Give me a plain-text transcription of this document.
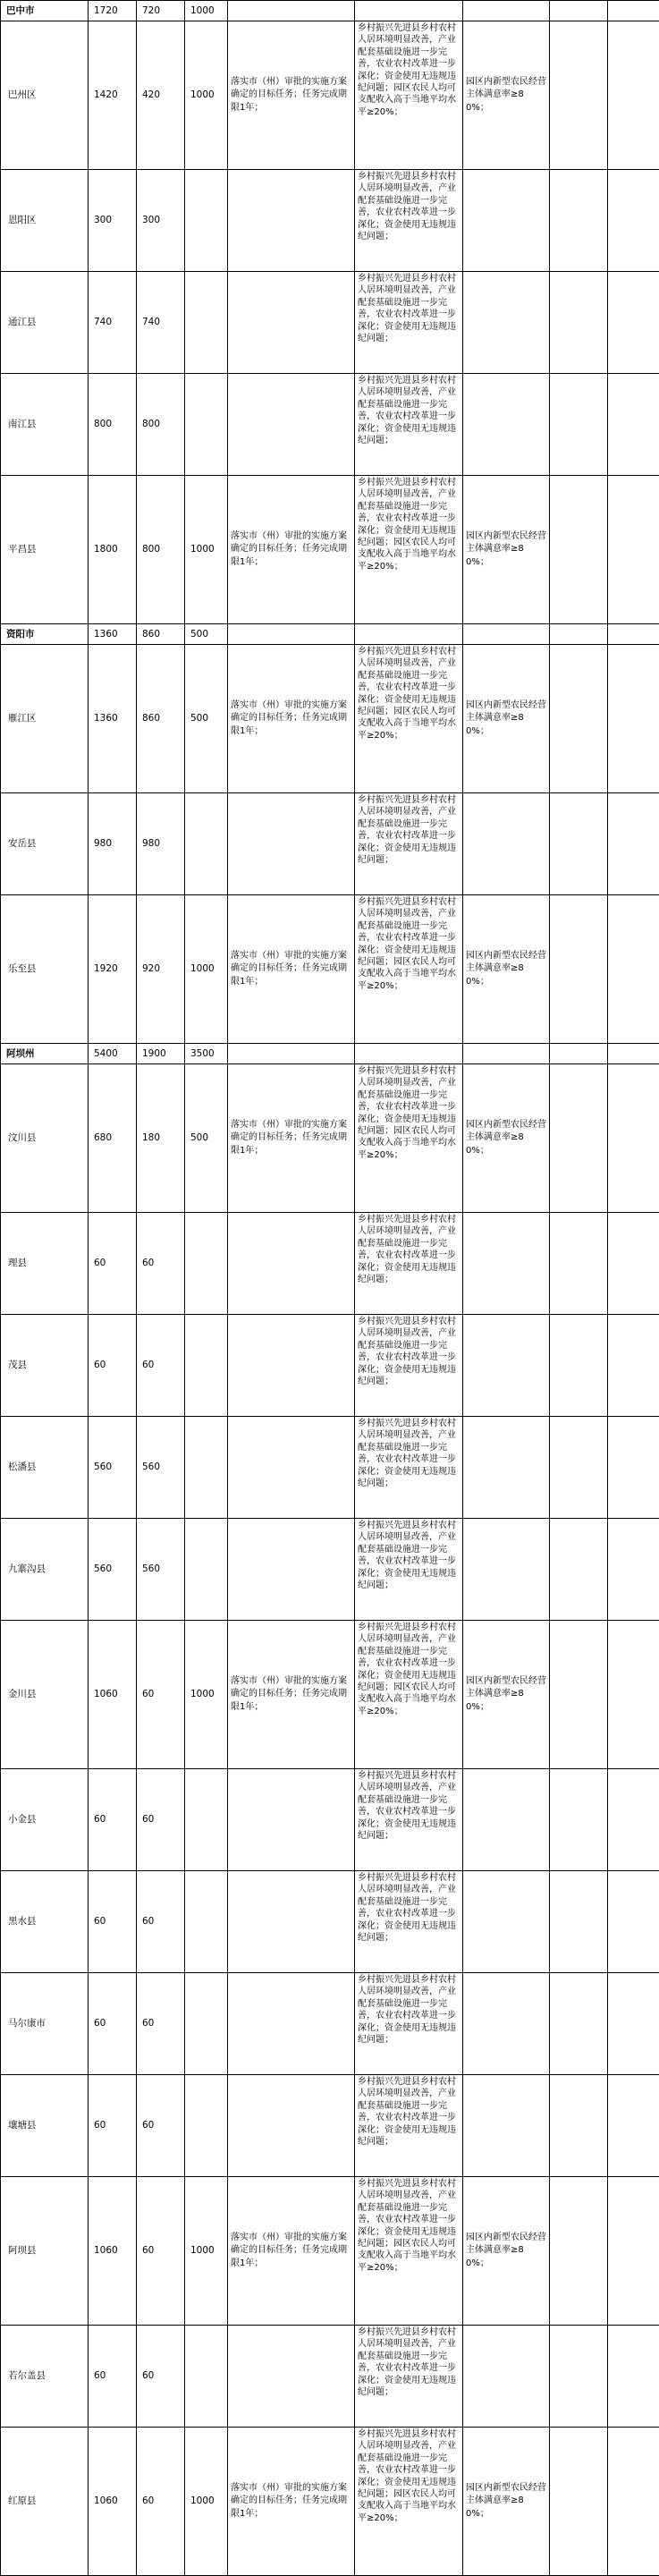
巴中市	1720	720	1000					
巴州区	1420	420	1000	落实市（州）审批的实施方案确定的目标任务；任务完成期限1年；	乡村振兴先进县乡村农村人居环境明显改善，产业配套基础设施进一步完善，农业农村改革进一步深化；资金使用无违规违纪问题；园区农民人均可支配收入高于当地平均水平≥20%；	园区内新型农民经营主体满意率≥80%；		
恩阳区	300	300			乡村振兴先进县乡村农村人居环境明显改善，产业配套基础设施进一步完善，农业农村改革进一步深化；资金使用无违规违纪问题；			

通江县	740	740			乡村振兴先进县乡村农村人居环境明显改善，产业配套基础设施进一步完善，农业农村改革进一步深化；资金使用无违规违纪问题；			

南江县	800	800			乡村振兴先进县乡村农村人居环境明显改善，产业配套基础设施进一步完善，农业农村改革进一步深化；资金使用无违规违纪问题；			

平昌县	1800	800	1000	落实市（州）审批的实施方案确定的目标任务；任务完成期限1年；	乡村振兴先进县乡村农村人居环境明显改善，产业配套基础设施进一步完善，农业农村改革进一步深化；资金使用无违规违纪问题；园区农民人均可支配收入高于当地平均水平≥20%；	园区内新型农民经营主体满意率≥80%；		
资阳市	1360	860	500					
雁江区	1360	860	500	落实市（州）审批的实施方案确定的目标任务；任务完成期限1年；	乡村振兴先进县乡村农村人居环境明显改善，产业配套基础设施进一步完善，农业农村改革进一步深化；资金使用无违规违纪问题；园区农民人均可支配收入高于当地平均水平≥20%；	园区内新型农民经营主体满意率≥80%；		
安岳县	980	980			乡村振兴先进县乡村农村人居环境明显改善，产业配套基础设施进一步完善，农业农村改革进一步深化；资金使用无违规违纪问题；			

乐至县	1920	920	1000	落实市（州）审批的实施方案确定的目标任务；任务完成期限1年；	乡村振兴先进县乡村农村人居环境明显改善，产业配套基础设施进一步完善，农业农村改革进一步深化；资金使用无违规违纪问题；园区农民人均可支配收入高于当地平均水平≥20%；	园区内新型农民经营主体满意率≥80%；		
阿坝州	5400	1900	3500					
汶川县	680	180	500	落实市（州）审批的实施方案确定的目标任务；任务完成期限1年；	乡村振兴先进县乡村农村人居环境明显改善，产业配套基础设施进一步完善，农业农村改革进一步深化；资金使用无违规违纪问题；园区农民人均可支配收入高于当地平均水平≥20%；	园区内新型农民经营主体满意率≥80%；		
理县	60	60			乡村振兴先进县乡村农村人居环境明显改善，产业配套基础设施进一步完善，农业农村改革进一步深化；资金使用无违规违纪问题；			

茂县	60	60			乡村振兴先进县乡村农村人居环境明显改善，产业配套基础设施进一步完善，农业农村改革进一步深化；资金使用无违规违纪问题；			

松潘县	560	560			乡村振兴先进县乡村农村人居环境明显改善，产业配套基础设施进一步完善，农业农村改革进一步深化；资金使用无违规违纪问题；			

九寨沟县	560	560			乡村振兴先进县乡村农村人居环境明显改善，产业配套基础设施进一步完善，农业农村改革进一步深化；资金使用无违规违纪问题；			

金川县	1060	60	1000	落实市（州）审批的实施方案确定的目标任务；任务完成期限1年；	乡村振兴先进县乡村农村人居环境明显改善，产业配套基础设施进一步完善，农业农村改革进一步深化；资金使用无违规违纪问题；园区农民人均可支配收入高于当地平均水平≥20%；	园区内新型农民经营主体满意率≥80%；		
小金县	60	60			乡村振兴先进县乡村农村人居环境明显改善，产业配套基础设施进一步完善，农业农村改革进一步深化；资金使用无违规违纪问题；			

黑水县	60	60			乡村振兴先进县乡村农村人居环境明显改善，产业配套基础设施进一步完善，农业农村改革进一步深化；资金使用无违规违纪问题；			

马尔康市	60	60			乡村振兴先进县乡村农村人居环境明显改善，产业配套基础设施进一步完善，农业农村改革进一步深化；资金使用无违规违纪问题；			

壤塘县	60	60			乡村振兴先进县乡村农村人居环境明显改善，产业配套基础设施进一步完善，农业农村改革进一步深化；资金使用无违规违纪问题；			

阿坝县	1060	60	1000	落实市（州）审批的实施方案确定的目标任务；任务完成期限1年；	乡村振兴先进县乡村农村人居环境明显改善，产业配套基础设施进一步完善，农业农村改革进一步深化；资金使用无违规违纪问题；园区农民人均可支配收入高于当地平均水平≥20%；	园区内新型农民经营主体满意率≥80%；		
若尔盖县	60	60			乡村振兴先进县乡村农村人居环境明显改善，产业配套基础设施进一步完善，农业农村改革进一步深化；资金使用无违规违纪问题；			

红原县	1060	60	1000	落实市（州）审批的实施方案确定的目标任务；任务完成期限1年；	乡村振兴先进县乡村农村人居环境明显改善，产业配套基础设施进一步完善，农业农村改革进一步深化；资金使用无违规违纪问题；园区农民人均可支配收入高于当地平均水平≥20%；	园区内新型农民经营主体满意率≥80%；		
